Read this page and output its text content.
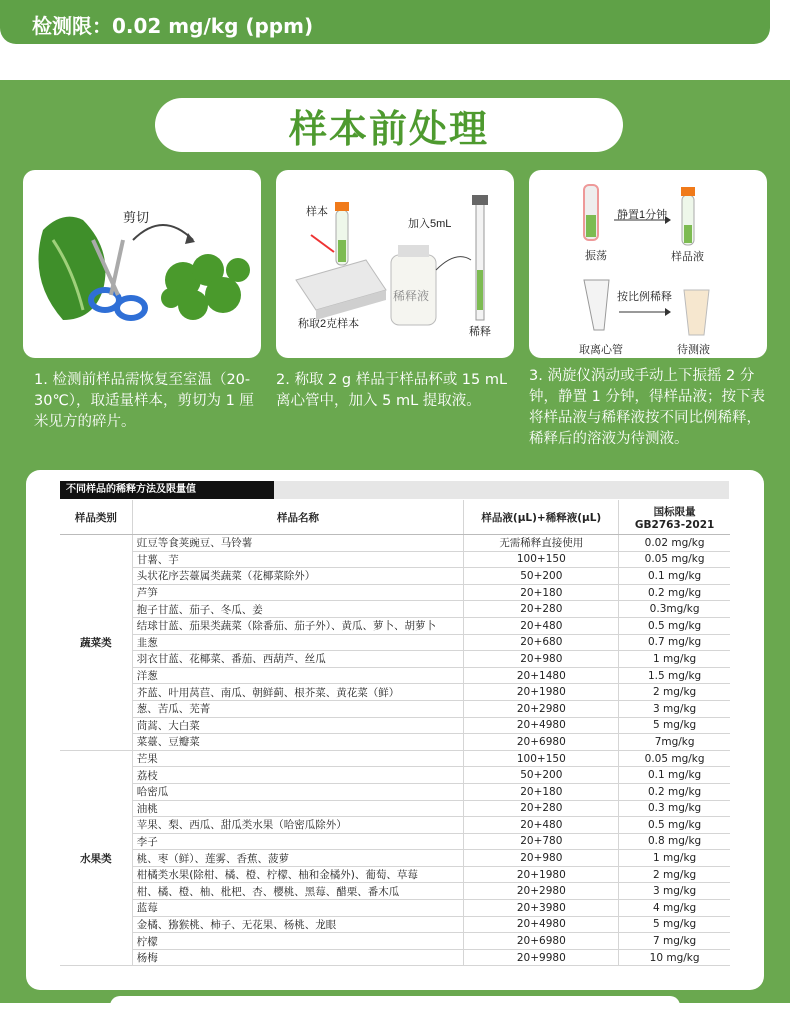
检测限：0.02 mg/kg (ppm)
样本前处理
剪切	样本
加入5mL
稀释液
称取2克样本
稀释
静置1分钟
振荡	样品液
按比例稀释
取离心管	待测液
1. 检测前样品需恢复至室温（20-30℃），取适量样本，剪切为 1 厘米见方的碎片。
2. 称取 2 g 样品于样品杯或 15 mL 离心管中，加入 5 mL 提取液。
3. 涡旋仪涡动或手动上下振摇 2 分钟，静置 1 分钟，得样品液；按下表将样品液与稀释液按不同比例稀释，稀释后的溶液为待测液。
不同样品的稀释方法及限量值
样品类别	样品名称	样品液(μL)+稀释液(μL)	国标限量
GB2763-2021

蔬菜类	豇豆等食荚豌豆、马铃薯	无需稀释直接使用	0.02 mg/kg
	甘薯、芋	100+150	0.05 mg/kg
	头状花序芸薹属类蔬菜（花椰菜除外）	50+200	0.1 mg/kg
	芦笋	20+180	0.2 mg/kg
	抱子甘蓝、茄子、冬瓜、姜	20+280	0.3mg/kg
	结球甘蓝、茄果类蔬菜（除番茄、茄子外）、黄瓜、萝卜、胡萝卜	20+480	0.5 mg/kg
	韭葱	20+680	0.7 mg/kg
	羽衣甘蓝、花椰菜、番茄、西葫芦、丝瓜	20+980	1 mg/kg
	洋葱	20+1480	1.5 mg/kg
	芥蓝、叶用莴苣、南瓜、朝鲜蓟、根芥菜、黄花菜（鲜）	20+1980	2 mg/kg
	葱、苦瓜、芜菁	20+2980	3 mg/kg
	茼蒿、大白菜	20+4980	5 mg/kg
	菜薹、豆瓣菜	20+6980	7mg/kg
水果类	芒果	100+150	0.05 mg/kg
	荔枝	50+200	0.1 mg/kg
	哈密瓜	20+180	0.2 mg/kg
	油桃	20+280	0.3 mg/kg
	苹果、梨、西瓜、甜瓜类水果（哈密瓜除外）	20+480	0.5 mg/kg
	李子	20+780	0.8 mg/kg
	桃、枣（鲜）、莲雾、香蕉、菠萝	20+980	1 mg/kg
	柑橘类水果(除柑、橘、橙、柠檬、柚和金橘外)、葡萄、草莓	20+1980	2 mg/kg
	柑、橘、橙、柚、枇杷、杏、樱桃、黑莓、醋栗、番木瓜	20+2980	3 mg/kg
	蓝莓	20+3980	4 mg/kg
	金橘、猕猴桃、柿子、无花果、杨桃、龙眼	20+4980	5 mg/kg
	柠檬	20+6980	7 mg/kg
	杨梅	20+9980	10 mg/kg
